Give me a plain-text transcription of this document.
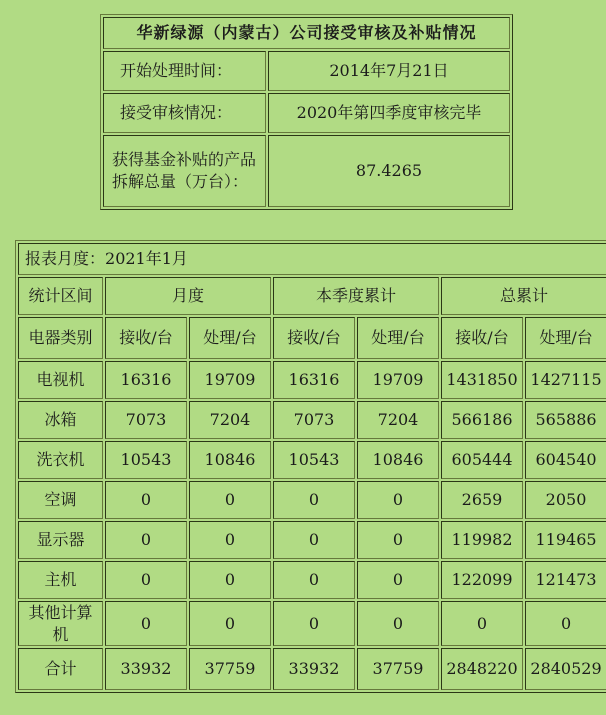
华新绿源（内蒙古）公司接受审核及补贴情况	
开始处理时间：	2014年7月21日
接受审核情况：	2020年第四季度审核完毕
获得基金补贴的产品拆解总量（万台）：	87.4265
报表月度：2021年1月						
统计区间	月度		本季度累计		总累计	
电器类别	接收/台	处理/台	接收/台	处理/台	接收/台	处理/台
电视机	16316	19709	16316	19709	1431850	1427115
冰箱	7073	7204	7073	7204	566186	565886
洗衣机	10543	10846	10543	10846	605444	604540
空调	0	0	0	0	2659	2050
显示器	0	0	0	0	119982	119465
主机	0	0	0	0	122099	121473
其他计算机	0	0	0	0	0	0
合计	33932	37759	33932	37759	2848220	2840529
